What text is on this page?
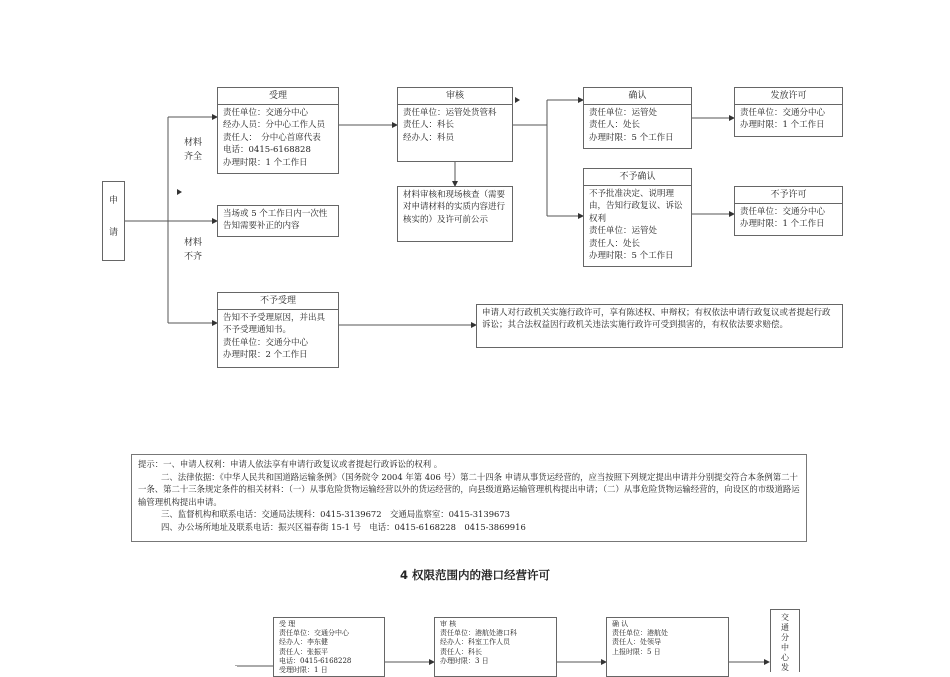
申
请
材料
齐全
材料
不齐
受理
责任单位：交通分中心
经办人员：分中心工作人员
责任人：　分中心首席代表
电话：0415-6168828
办理时限：1 个工作日
审核
责任单位：运管处货管科
责任人：科长
经办人：科员
材料审核和现场核查（需要对申请材料的实质内容进行核实的）及许可前公示
确认
责任单位：运管处
责任人：处长
办理时限：5 个工作日
发放许可
责任单位：交通分中心
办理时限：1 个工作日
不予确认
不予批准决定、说明理由，告知行政复议、诉讼权利
责任单位：运管处
责任人：处长
办理时限：5 个工作日
不予许可
责任单位：交通分中心
办理时限：1 个工作日
当场或 5 个工作日内一次性告知需要补正的内容
不予受理
告知不予受理原因，并出具不予受理通知书。
责任单位：交通分中心
办理时限：2 个工作日
申请人对行政机关实施行政许可，享有陈述权、申辩权；有权依法申请行政复议或者提起行政诉讼；其合法权益因行政机关违法实施行政许可受到损害的，有权依法要求赔偿。
提示：一、申请人权利：申请人依法享有申请行政复议或者提起行政诉讼的权利 。
二、法律依据：《中华人民共和国道路运输条例》（国务院令 2004 年第 406 号）第二十四条 申请从事货运经营的，应当按照下列规定提出申请并分别提交符合本条例第二十一条、第二十三条规定条件的相关材料：（一）从事危险货物运输经营以外的货运经营的，向县级道路运输管理机构提出申请；（二）从事危险货物运输经营的，向设区的市级道路运输管理机构提出申请。
三、监督机构和联系电话：交通局法规科：0415-3139672　交通局监察室：0415-3139673
四、办公场所地址及联系电话：振兴区福春街 15-1 号　电话：0415-6168228　0415-3869916
4 权限范围内的港口经营许可
受 理
责任单位：交通分中心
经办人：李东健
责任人：张振平
电话：0415-6168228
受理时限：1 日
审 核
责任单位：港航处港口科
经办人：科室工作人员
责任人：科长
办理时限：3 日
确 认
责任单位：港航处
责任人：处领导
上报时限：5 日
交
通
分
中
心
发
